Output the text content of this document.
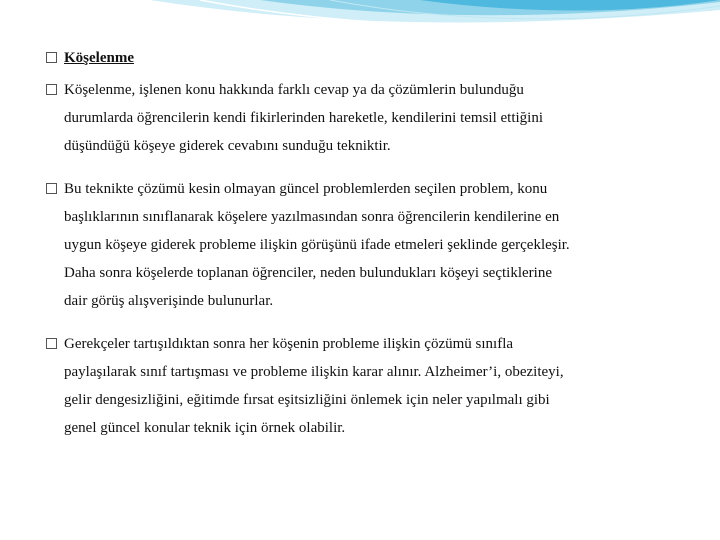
Köşelenme
Köşelenme, işlenen konu hakkında farklı cevap ya da çözümlerin bulunduğu
durumlarda öğrencilerin kendi fikirlerinden hareketle, kendilerini temsil ettiğini
düşündüğü köşeye giderek cevabını sunduğu tekniktir.
Bu teknikte çözümü kesin olmayan güncel problemlerden seçilen problem, konu
başlıklarının sınıflanarak köşelere yazılmasından sonra öğrencilerin kendilerine en
uygun köşeye giderek probleme ilişkin görüşünü ifade etmeleri şeklinde gerçekleşir.
Daha sonra köşelerde toplanan öğrenciler, neden bulundukları köşeyi seçtiklerine
dair görüş alışverişinde bulunurlar.
Gerekçeler tartışıldıktan sonra her köşenin probleme ilişkin çözümü sınıfla
paylaşılarak sınıf tartışması ve probleme ilişkin karar alınır. Alzheimer’i, obeziteyi,
gelir dengesizliğini, eğitimde fırsat eşitsizliğini önlemek için neler yapılmalı gibi
genel güncel konular teknik için örnek olabilir.
